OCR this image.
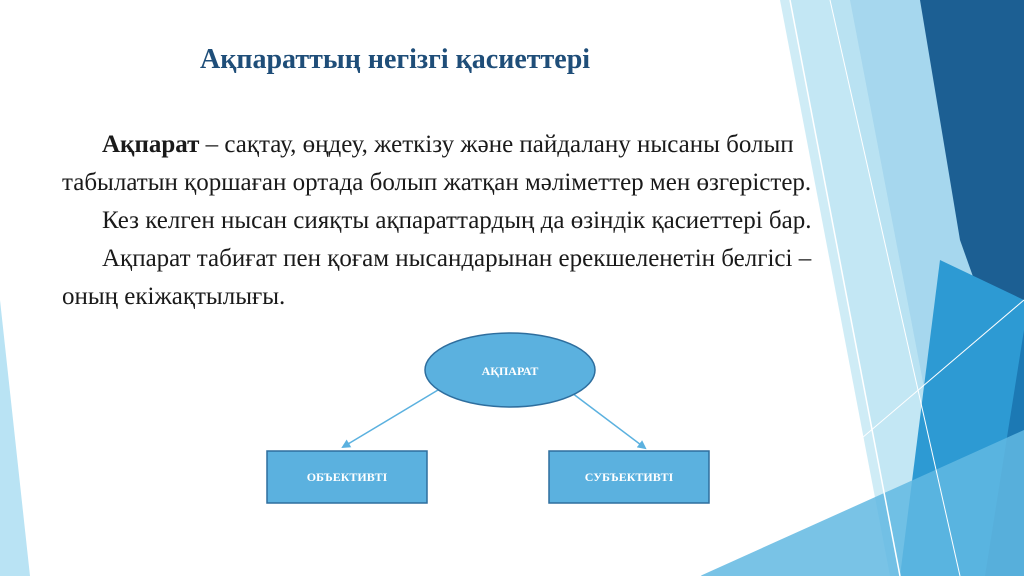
Ақпараттың негізгі қасиеттері

Ақпарат – сақтау, өңдеу, жеткізу және пайдалану нысаны болып

табылатын қоршаған ортада болып жатқан мәліметтер мен өзгерістер.

Кез келген нысан сияқты ақпараттардың да өзіндік қасиеттері бар.

Ақпарат табиғат пен қоғам нысандарынан ерекшеленетін белгісі –

оның екіжақтылығы.

АҚПАРАТ
ОБЪЕКТИВТІ	СУБЪЕКТИВТІ
